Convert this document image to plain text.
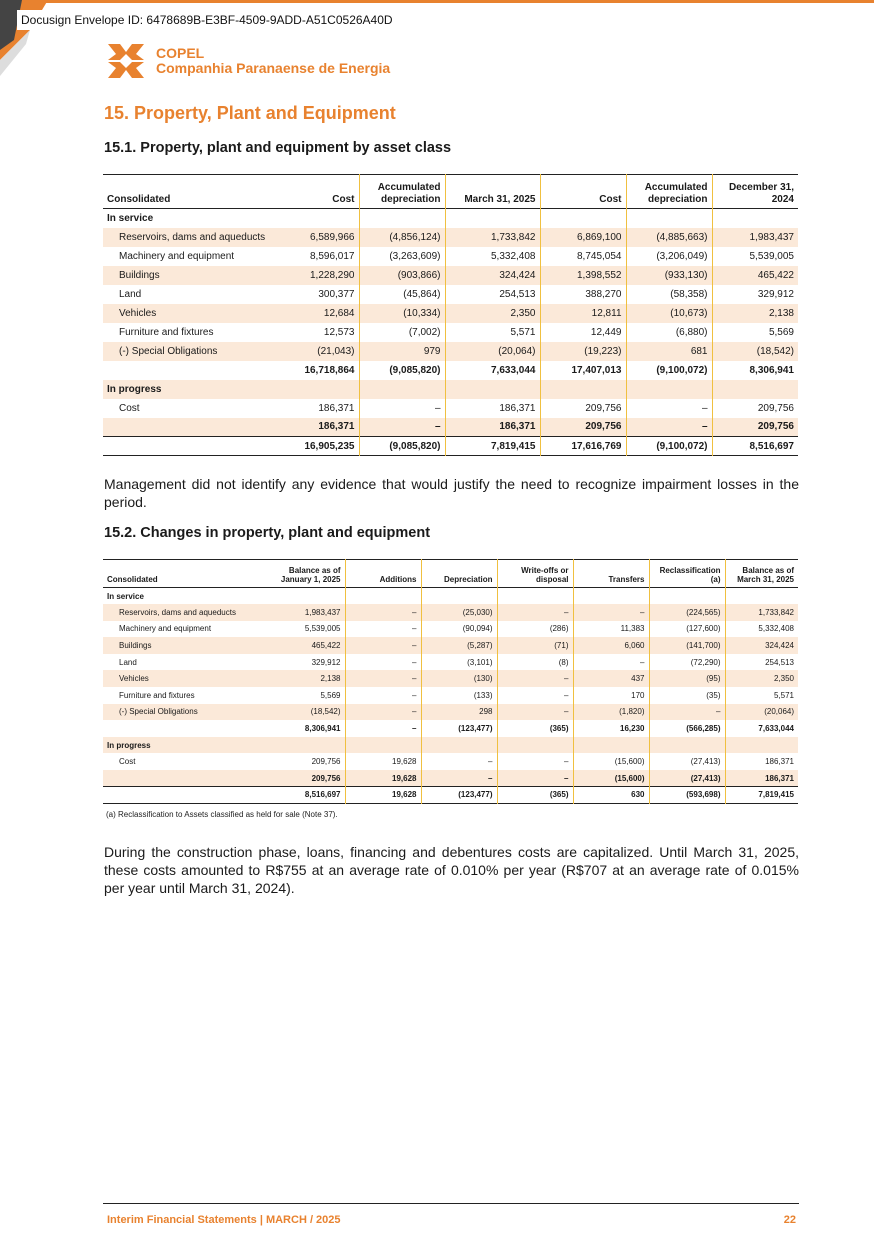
Docusign Envelope ID: 6478689B-E3BF-4509-9ADD-A51C0526A40D
COPEL
Companhia Paranaense de Energia
15. Property, Plant and Equipment
15.1. Property, plant and equipment by asset class
Consolidated	Cost	Accumulated depreciation	March 31, 2025	Cost	Accumulated depreciation	December 31, 2024
In service						
Reservoirs, dams and aqueducts	6,589,966	(4,856,124)	1,733,842	6,869,100	(4,885,663)	1,983,437
Machinery and equipment	8,596,017	(3,263,609)	5,332,408	8,745,054	(3,206,049)	5,539,005
Buildings	1,228,290	(903,866)	324,424	1,398,552	(933,130)	465,422
Land	300,377	(45,864)	254,513	388,270	(58,358)	329,912
Vehicles	12,684	(10,334)	2,350	12,811	(10,673)	2,138
Furniture and fixtures	12,573	(7,002)	5,571	12,449	(6,880)	5,569
(-) Special Obligations	(21,043)	979	(20,064)	(19,223)	681	(18,542)
	16,718,864	(9,085,820)	7,633,044	17,407,013	(9,100,072)	8,306,941
In progress						
Cost	186,371	–	186,371	209,756	–	209,756
	186,371	–	186,371	209,756	–	209,756
	16,905,235	(9,085,820)	7,819,415	17,616,769	(9,100,072)	8,516,697
Management did not identify any evidence that would justify the need to recognize impairment losses in the period.
15.2. Changes in property, plant and equipment
Consolidated	Balance as of January 1, 2025	Additions	Depreciation	Write-offs or disposal	Transfers	Reclassification (a)	Balance as of March 31, 2025
In service							
Reservoirs, dams and aqueducts	1,983,437	–	(25,030)	–	–	(224,565)	1,733,842
Machinery and equipment	5,539,005	–	(90,094)	(286)	11,383	(127,600)	5,332,408
Buildings	465,422	–	(5,287)	(71)	6,060	(141,700)	324,424
Land	329,912	–	(3,101)	(8)	–	(72,290)	254,513
Vehicles	2,138	–	(130)	–	437	(95)	2,350
Furniture and fixtures	5,569	–	(133)	–	170	(35)	5,571
(-) Special Obligations	(18,542)	–	298	–	(1,820)	–	(20,064)
	8,306,941	–	(123,477)	(365)	16,230	(566,285)	7,633,044
In progress							
Cost	209,756	19,628	–	–	(15,600)	(27,413)	186,371
	209,756	19,628	–	–	(15,600)	(27,413)	186,371
	8,516,697	19,628	(123,477)	(365)	630	(593,698)	7,819,415
(a) Reclassification to Assets classified as held for sale (Note 37).
During the construction phase, loans, financing and debentures costs are capitalized. Until March 31, 2025, these costs amounted to R$755 at an average rate of 0.010% per year (R$707 at an average rate of 0.015% per year until March 31, 2024).
Interim Financial Statements | MARCH / 2025	22
